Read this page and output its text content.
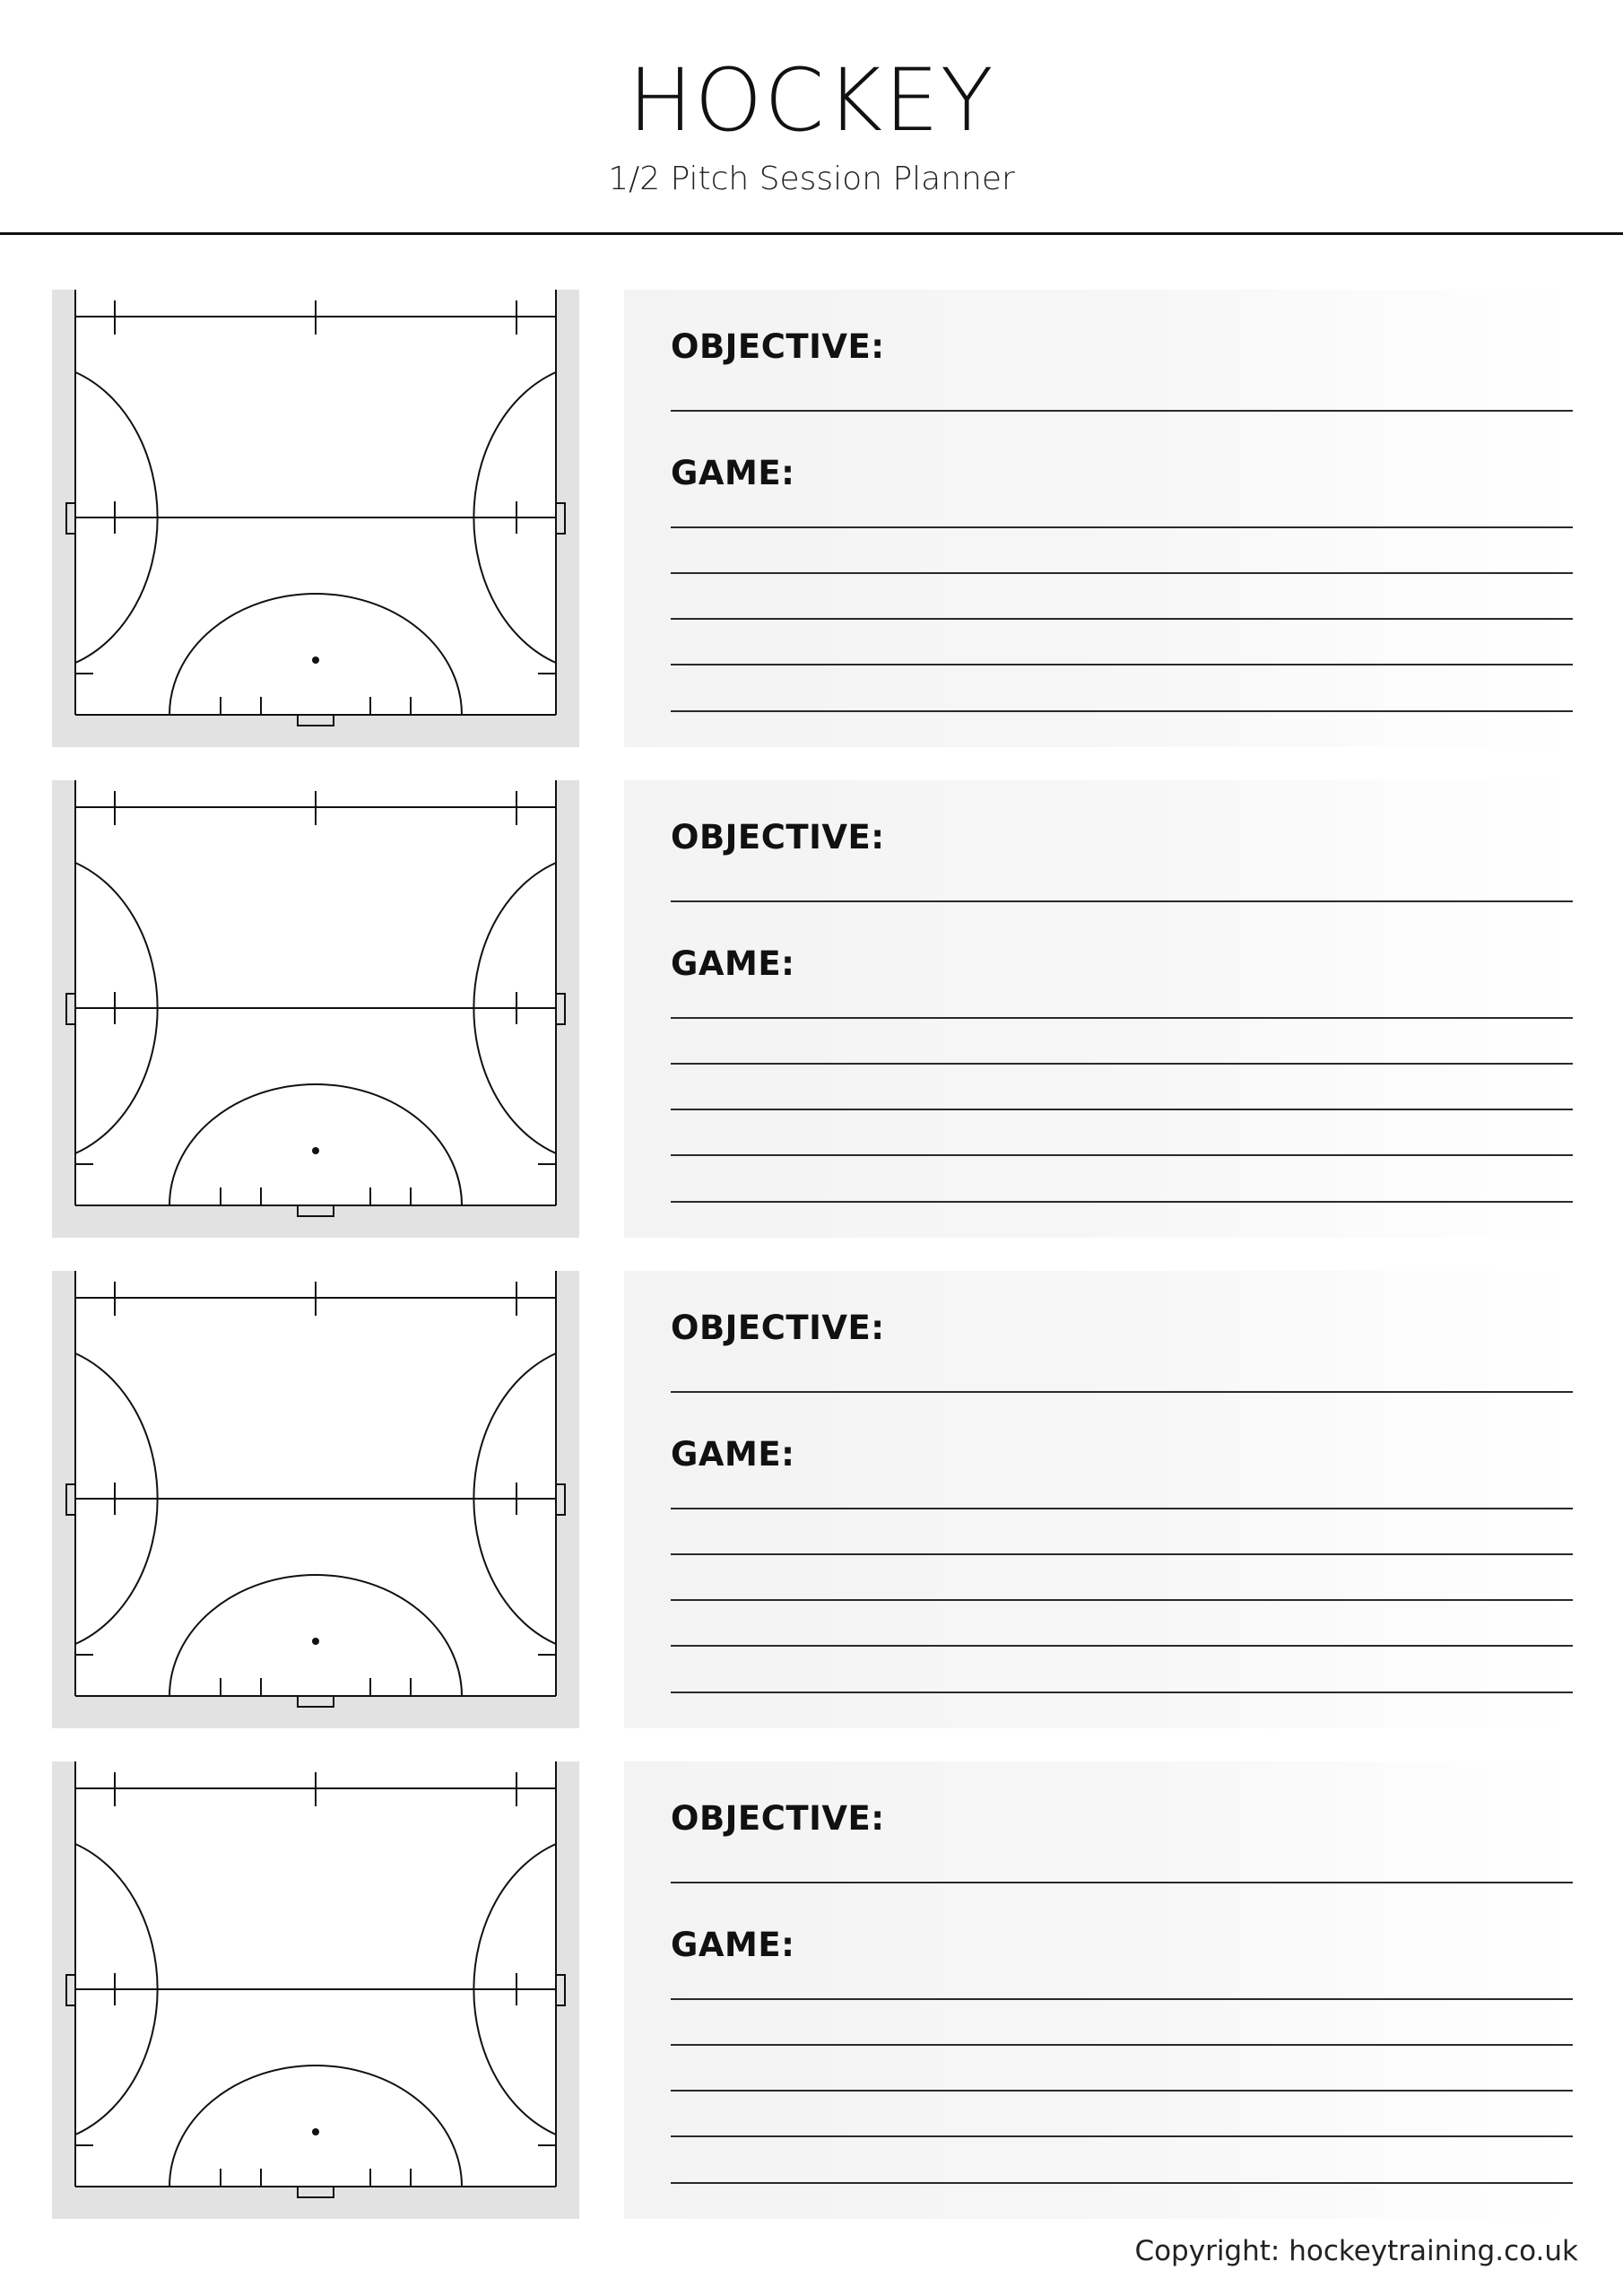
HOCKEY
1/2 Pitch Session Planner
OBJECTIVE:
GAME:
OBJECTIVE:
GAME:
OBJECTIVE:
GAME:
OBJECTIVE:
GAME:
Copyright: hockeytraining.co.uk
